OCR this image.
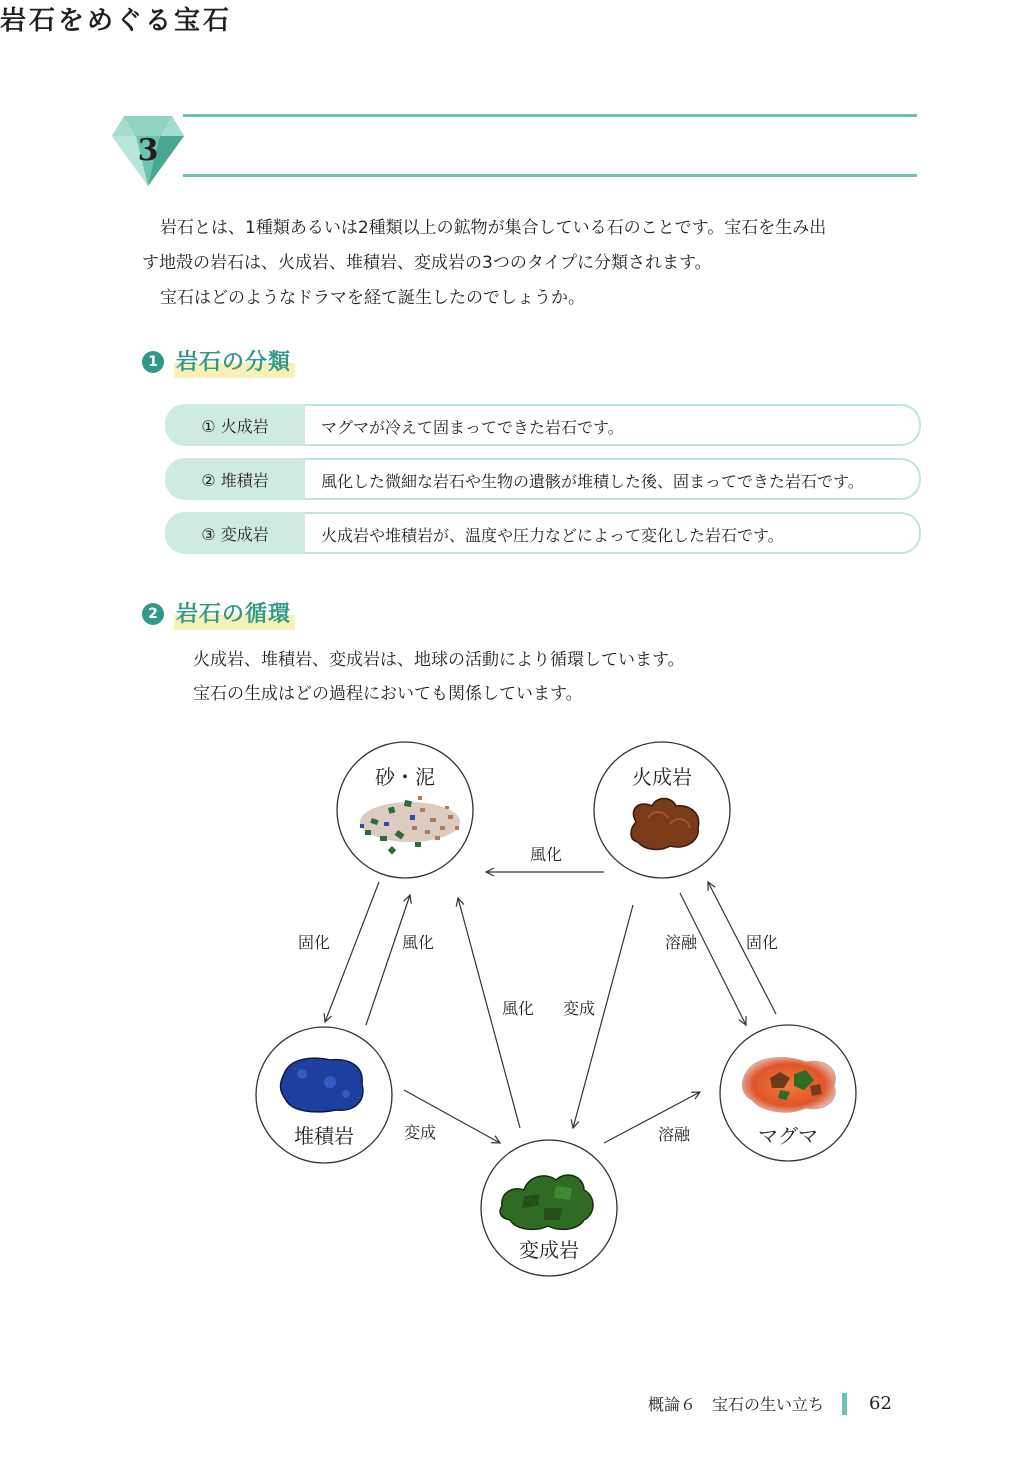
3
岩石をめぐる宝石
岩石とは、1種類あるいは2種類以上の鉱物が集合している石のことです。宝石を生み出
す地殻の岩石は、火成岩、堆積岩、変成岩の3つのタイプに分類されます。
宝石はどのようなドラマを経て誕生したのでしょうか。
1 岩石の分類
① 火成岩	マグマが冷えて固まってできた岩石です。
② 堆積岩	風化した微細な岩石や生物の遺骸が堆積した後、固まってできた岩石です。
③ 変成岩	火成岩や堆積岩が、温度や圧力などによって変化した岩石です。
2 岩石の循環
火成岩、堆積岩、変成岩は、地球の活動により循環しています。
宝石の生成はどの過程においても関係しています。
砂・泥	火成岩
堆積岩
変成岩
マグマ
風化
固化	風化
風化 変成
溶融	固化
変成	溶融
概論６ 宝石の生い立ち	62
